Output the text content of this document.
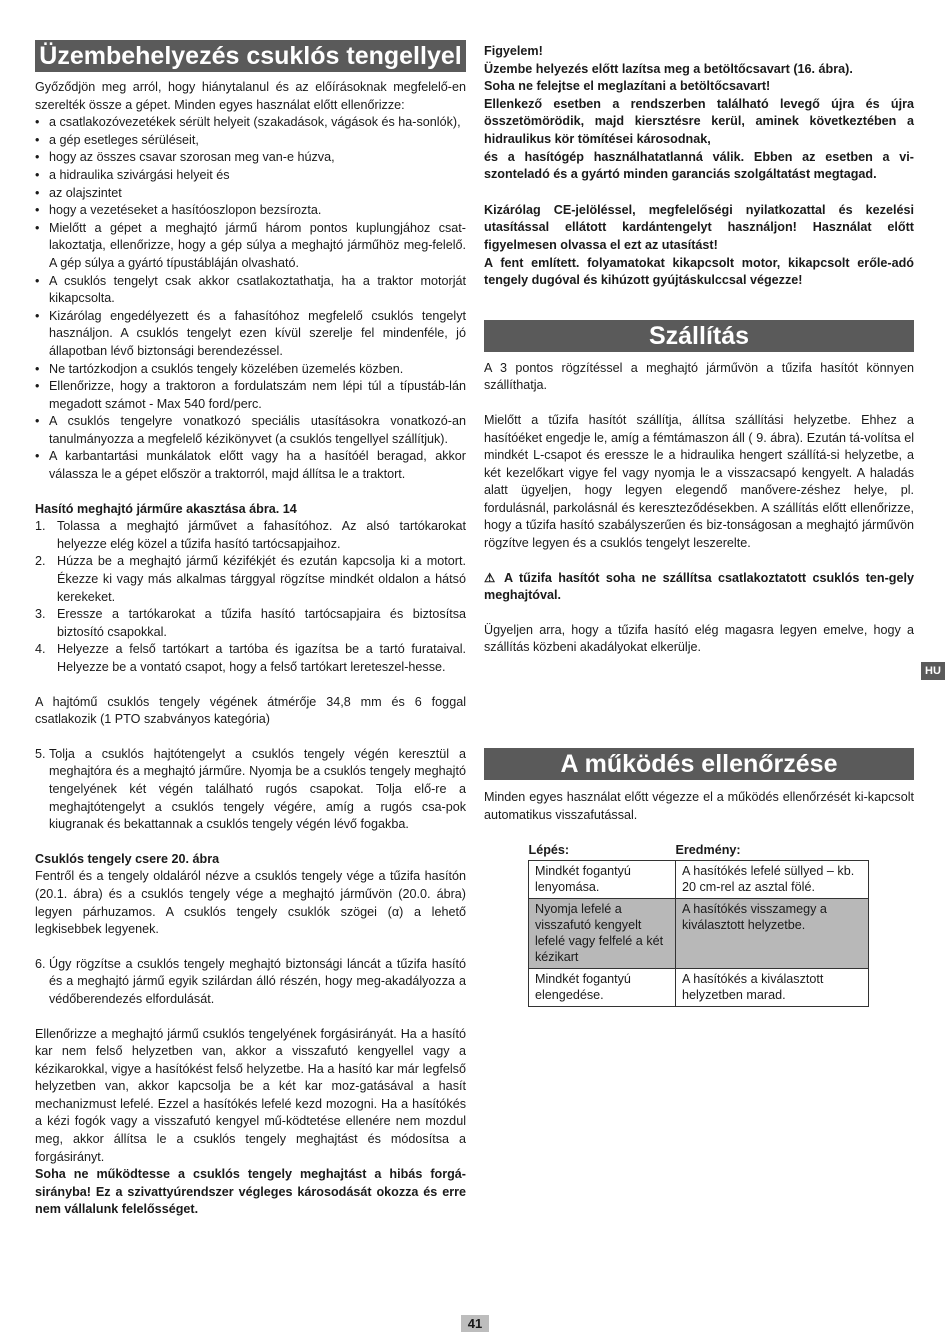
Üzembehelyezés csuklós tengellyel

Győződjön meg arról, hogy hiánytalanul és az előírásoknak megfelelő-en szerelték össze a gépet. Minden egyes használat előtt ellenőrizze:

• a csatlakozóvezetékek sérült helyeit (szakadások, vágások és ha-sonlók),
• a gép esetleges sérüléseit,
• hogy az összes csavar szorosan meg van-e húzva,
• a hidraulika szivárgási helyeit és
• az olajszintet
• hogy a vezetéseket a hasítóoszlopon bezsírozta.
• Mielőtt a gépet a meghajtó jármű három pontos kuplungjához csat-lakoztatja, ellenőrizze, hogy a gép súlya a meghajtó járműhöz meg-felelő. A gép súlya a gyártó típustábláján olvasható.
• A csuklós tengelyt csak akkor csatlakoztathatja, ha a traktor motorját kikapcsolta.
• Kizárólag engedélyezett és a fahasítóhoz megfelelő csuklós tengelyt használjon. A csuklós tengelyt ezen kívül szerelje fel mindenféle, jó állapotban lévő biztonsági berendezéssel.
• Ne tartózkodjon a csuklós tengely közelében üzemelés közben.
• Ellenőrizze, hogy a traktoron a fordulatszám nem lépi túl a típustáb-lán megadott számot - Max 540 ford/perc.
• A csuklós tengelyre vonatkozó speciális utasításokra vonatkozó-an tanulmányozza a megfelelő kézikönyvet (a csuklós tengellyel szállítjuk).
• A karbantartási munkálatok előtt vagy ha a hasítóél beragad, akkor válassza le a gépet először a traktorról, majd állítsa le a traktort.

Hasító meghajtó járműre akasztása ábra. 14

1. Tolassa a meghajtó járművet a fahasítóhoz. Az alsó tartókarokat helyezze elég közel a tűzifa hasító tartócsapjaihoz.
2. Húzza be a meghajtó jármű kézifékjét és ezután kapcsolja ki a motort. Ékezze ki vagy más alkalmas tárggyal rögzítse mindkét oldalon a hátsó kerekeket.
3. Eressze a tartókarokat a tűzifa hasító tartócsapjaira és biztosítsa biztosító csapokkal.
4. Helyezze a felső tartókart a tartóba és igazítsa be a tartó furataival. Helyezze be a vontató csapot, hogy a felső tartókart lereteszel-hesse.

A hajtómű csuklós tengely végének átmérője 34,8 mm és 6 foggal csatlakozik (1 PTO szabványos kategória)

5. Tolja a csuklós hajtótengelyt a csuklós tengely végén keresztül a meghajtóra és a meghajtó járműre. Nyomja be a csuklós tengely meghajtó tengelyének két végén található rugós csapokat. Tolja elő-re a meghajtótengelyt a csuklós tengely végére, amíg a rugós csa-pok kiugranak és bekattannak a csuklós tengely végén lévő fogakba.

Csuklós tengely csere 20. ábra

Fentről és a tengely oldaláról nézve a csuklós tengely vége a tűzifa hasítón (20.1. ábra) és a csuklós tengely vége a meghajtó járművön (20.0. ábra) legyen párhuzamos. A csuklós tengely csuklók szögei (α) a lehető legkisebbek legyenek.

6. Úgy rögzítse a csuklós tengely meghajtó biztonsági láncát a tűzifa hasító és a meghajtó jármű egyik szilárdan álló részén, hogy meg-akadályozza a védőberendezés elfordulását.

Ellenőrizze a meghajtó jármű csuklós tengelyének forgásirányát. Ha a hasító kar nem felső helyzetben van, akkor a visszafutó kengyellel vagy a kézikarokkal, vigye a hasítókést felső helyzetbe. Ha a hasító kar már legfelső helyzetben van, akkor kapcsolja be a két kar moz-gatásával a hasít mechanizmust lefelé. Ezzel a hasítókés lefelé kezd mozogni. Ha a hasítókés a kézi fogók vagy a visszafutó kengyel mű-ködtetése ellenére nem mozdul meg, akkor állítsa le a csuklós tengely meghajtást és módosítsa a forgásirányt.

Soha ne működtesse a csuklós tengely meghajtást a hibás forgá-sirányba! Ez a szivattyúrendszer végleges károsodását okozza és erre nem vállalunk felelősséget.

Figyelem!

Üzembe helyezés előtt lazítsa meg a betöltőcsavart (16. ábra).

Soha ne felejtse el meglazítani a betöltőcsavart!

Ellenkező esetben a rendszerben található levegő újra és újra összetömörödik, majd kiersztésre kerül, aminek következtében a hidraulikus kör tömítései károsodnak,

és a hasítógép használhatatlanná válik. Ebben az esetben a vi-szonteladó és a gyártó minden garanciás szolgáltatást megtagad.

Kizárólag CE-jelöléssel, megfelelőségi nyilatkozattal és kezelési utasítással ellátott kardántengelyt használjon! Használat előtt figyelmesen olvassa el ezt az utasítást!

A fent említett. folyamatokat kikapcsolt motor, kikapcsolt erőle-adó tengely dugóval és kihúzott gyújtáskulccsal végezze!

Szállítás

A 3 pontos rögzítéssel a meghajtó járművön a tűzifa hasítót könnyen szállíthatja.

Mielőtt a tűzifa hasítót szállítja, állítsa szállítási helyzetbe. Ehhez a hasítóéket engedje le, amíg a fémtámaszon áll ( 9. ábra). Ezután tá-volítsa el mindkét L-csapot és eressze le a hidraulika hengert szállítá-si helyzetbe, a két kezelőkart vigye fel vagy nyomja le a visszacsapó kengyelt. A haladás alatt ügyeljen, hogy legyen elegendő manővere-zéshez helye, pl. fordulásnál, parkolásnál és kereszteződésekben. A szállítás előtt ellenőrizze, hogy a tűzifa hasító szabályszerűen és biz-tonságosan a meghajtó járművön rögzítve legyen és a csuklós tengelyt leszerelte.

⚠ A tűzifa hasítót soha ne szállítsa csatlakoztatott csuklós ten-gely meghajtóval.

Ügyeljen arra, hogy a tűzifa hasító elég magasra legyen emelve, hogy a szállítás közbeni akadályokat elkerülje.

A működés ellenőrzése

Minden egyes használat előtt végezze el a működés ellenőrzését ki-kapcsolt automatikus visszafutással.

Lépés:	Eredmény:
Mindkét fogantyú lenyomása.	A hasítókés lefelé süllyed – kb. 20 cm-rel az asztal fölé.
Nyomja lefelé a visszafutó kengyelt lefelé vagy felfelé a két kézikart	A hasítókés visszamegy a kiválasztott helyzetbe.
Mindkét fogantyú elengedése.	A hasítókés a kiválasztott helyzetben marad.
HU
41
